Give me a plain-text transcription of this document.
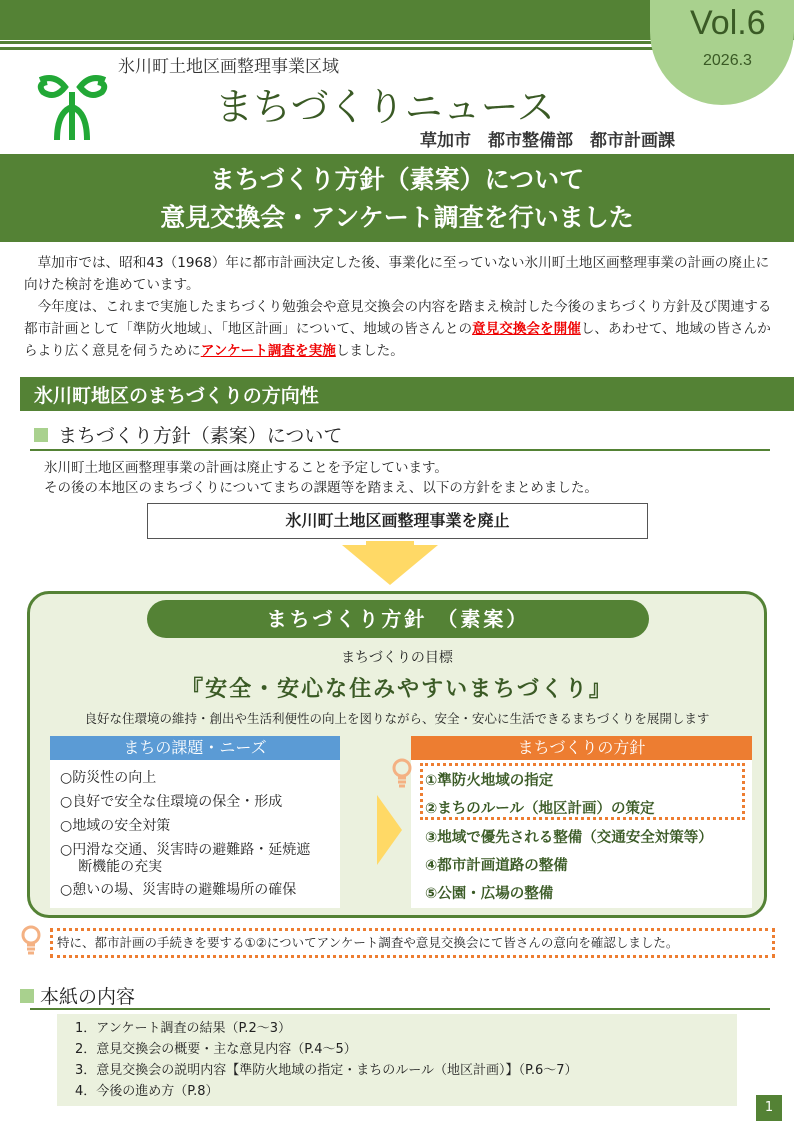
Vol.6
2026.3
氷川町土地区画整理事業区域
まちづくりニュース
草加市　都市整備部　都市計画課
まちづくり方針（素案）について
意見交換会・アンケート調査を行いました

草加市では、昭和43（1968）年に都市計画決定した後、事業化に至っていない氷川町土地区画整理事業の計画の廃止に向けた検討を進めています。

今年度は、これまで実施したまちづくり勉強会や意見交換会の内容を踏まえ検討した今後のまちづくり方針及び関連する都市計画として「準防火地域」、「地区計画」について、地域の皆さんとの意見交換会を開催し、あわせて、地域の皆さんからより広く意見を伺うためにアンケート調査を実施しました。

氷川町地区のまちづくりの方向性
まちづくり方針（素案）について
氷川町土地区画整理事業の計画は廃止することを予定しています。
その後の本地区のまちづくりについてまちの課題等を踏まえ、以下の方針をまとめました。
氷川町土地区画整理事業を廃止
まちづくり方針 （素案）
まちづくりの目標
『安全・安心な住みやすいまちづくり』
良好な住環境の維持・創出や生活利便性の向上を図りながら、安全・安心に生活できるまちづくりを展開します
まちの課題・ニーズ
○防災性の向上
○良好で安全な住環境の保全・形成
○地域の安全対策
○円滑な交通、災害時の避難路・延焼遮
断機能の充実
○憩いの場、災害時の避難場所の確保
まちづくりの方針
①準防火地域の指定
②まちのルール（地区計画）の策定
③地域で優先される整備（交通安全対策等）
④都市計画道路の整備
⑤公園・広場の整備
特に、都市計画の手続きを要する①②についてアンケート調査や意見交換会にて皆さんの意向を確認しました。
本紙の内容
1．アンケート調査の結果（P.2～3）
2．意見交換会の概要・主な意見内容（P.4～5）
3．意見交換会の説明内容【準防火地域の指定・まちのルール（地区計画）】（P.6～7）
4．今後の進め方（P.8）
1
